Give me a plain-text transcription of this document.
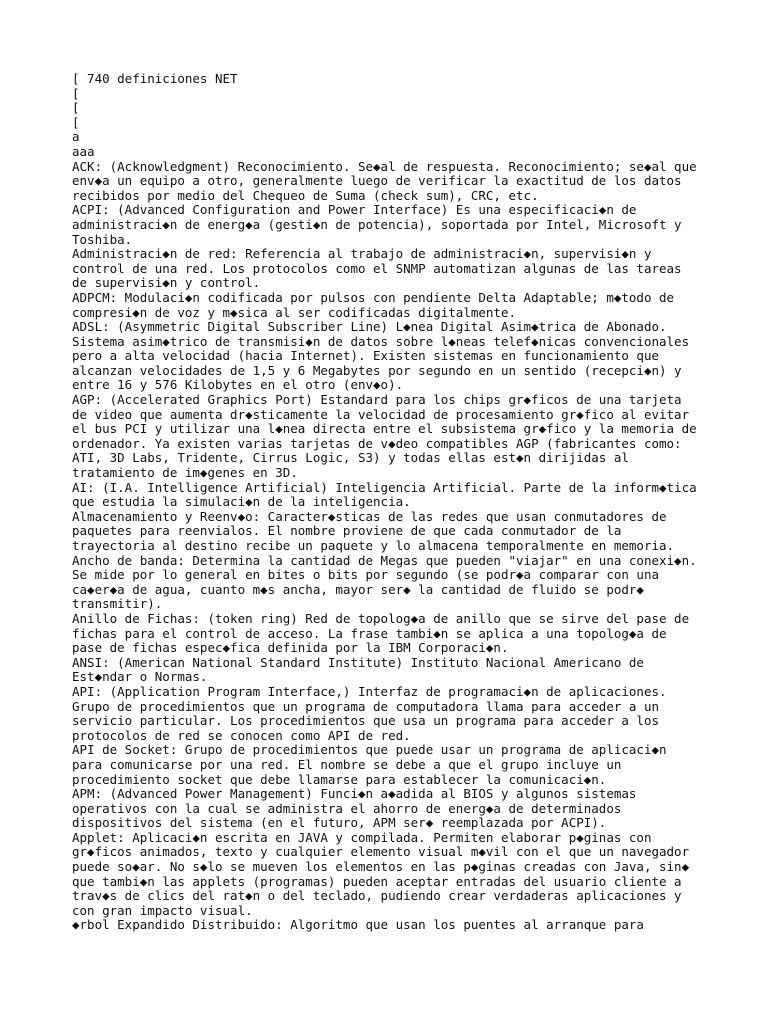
[ 740 definiciones NET
[
[
[
a
aaa
ACK: (Acknowledgment) Reconocimiento. Se◆al de respuesta. Reconocimiento; se◆al que
env◆a un equipo a otro, generalmente luego de verificar la exactitud de los datos
recibidos por medio del Chequeo de Suma (check sum), CRC, etc.
ACPI: (Advanced Configuration and Power Interface) Es una especificaci◆n de
administraci◆n de energ◆a (gesti◆n de potencia), soportada por Intel, Microsoft y
Toshiba.
Administraci◆n de red: Referencia al trabajo de administraci◆n, supervisi◆n y
control de una red. Los protocolos como el SNMP automatizan algunas de las tareas
de supervisi◆n y control.
ADPCM: Modulaci◆n codificada por pulsos con pendiente Delta Adaptable; m◆todo de
compresi◆n de voz y m◆sica al ser codificadas digitalmente.
ADSL: (Asymmetric Digital Subscriber Line) L◆nea Digital Asim◆trica de Abonado.
Sistema asim◆trico de transmisi◆n de datos sobre l◆neas telef◆nicas convencionales
pero a alta velocidad (hacia Internet). Existen sistemas en funcionamiento que
alcanzan velocidades de 1,5 y 6 Megabytes por segundo en un sentido (recepci◆n) y
entre 16 y 576 Kilobytes en el otro (env◆o).
AGP: (Accelerated Graphics Port) Estandard para los chips gr◆ficos de una tarjeta
de video que aumenta dr◆sticamente la velocidad de procesamiento gr◆fico al evitar
el bus PCI y utilizar una l◆nea directa entre el subsistema gr◆fico y la memoria de
ordenador. Ya existen varias tarjetas de v◆deo compatibles AGP (fabricantes como:
ATI, 3D Labs, Tridente, Cirrus Logic, S3) y todas ellas est◆n dirijidas al
tratamiento de im◆genes en 3D.
AI: (I.A. Intelligence Artificial) Inteligencia Artificial. Parte de la inform◆tica
que estudia la simulaci◆n de la inteligencia.
Almacenamiento y Reenv◆o: Caracter◆sticas de las redes que usan conmutadores de
paquetes para reenvialos. El nombre proviene de que cada conmutador de la
trayectoria al destino recibe un paquete y lo almacena temporalmente en memoria.
Ancho de banda: Determina la cantidad de Megas que pueden "viajar" en una conexi◆n.
Se mide por lo general en bites o bits por segundo (se podr◆a comparar con una
ca◆er◆a de agua, cuanto m◆s ancha, mayor ser◆ la cantidad de fluido se podr◆
transmitir).
Anillo de Fichas: (token ring) Red de topolog◆a de anillo que se sirve del pase de
fichas para el control de acceso. La frase tambi◆n se aplica a una topolog◆a de
pase de fichas espec◆fica definida por la IBM Corporaci◆n.
ANSI: (American National Standard Institute) Instituto Nacional Americano de
Est◆ndar o Normas.
API: (Application Program Interface,) Interfaz de programaci◆n de aplicaciones.
Grupo de procedimientos que un programa de computadora llama para acceder a un
servicio particular. Los procedimientos que usa un programa para acceder a los
protocolos de red se conocen como API de red.
API de Socket: Grupo de procedimientos que puede usar un programa de aplicaci◆n
para comunicarse por una red. El nombre se debe a que el grupo incluye un
procedimiento socket que debe llamarse para establecer la comunicaci◆n.
APM: (Advanced Power Management) Funci◆n a◆adida al BIOS y algunos sistemas
operativos con la cual se administra el ahorro de energ◆a de determinados
dispositivos del sistema (en el futuro, APM ser◆ reemplazada por ACPI).
Applet: Aplicaci◆n escrita en JAVA y compilada. Permiten elaborar p◆ginas con
gr◆ficos animados, texto y cualquier elemento visual m◆vil con el que un navegador
puede so◆ar. No s◆lo se mueven los elementos en las p◆ginas creadas con Java, sin◆
que tambi◆n las applets (programas) pueden aceptar entradas del usuario cliente a
trav◆s de clics del rat◆n o del teclado, pudiendo crear verdaderas aplicaciones y
con gran impacto visual.
◆rbol Expandido Distribuido: Algoritmo que usan los puentes al arranque para
